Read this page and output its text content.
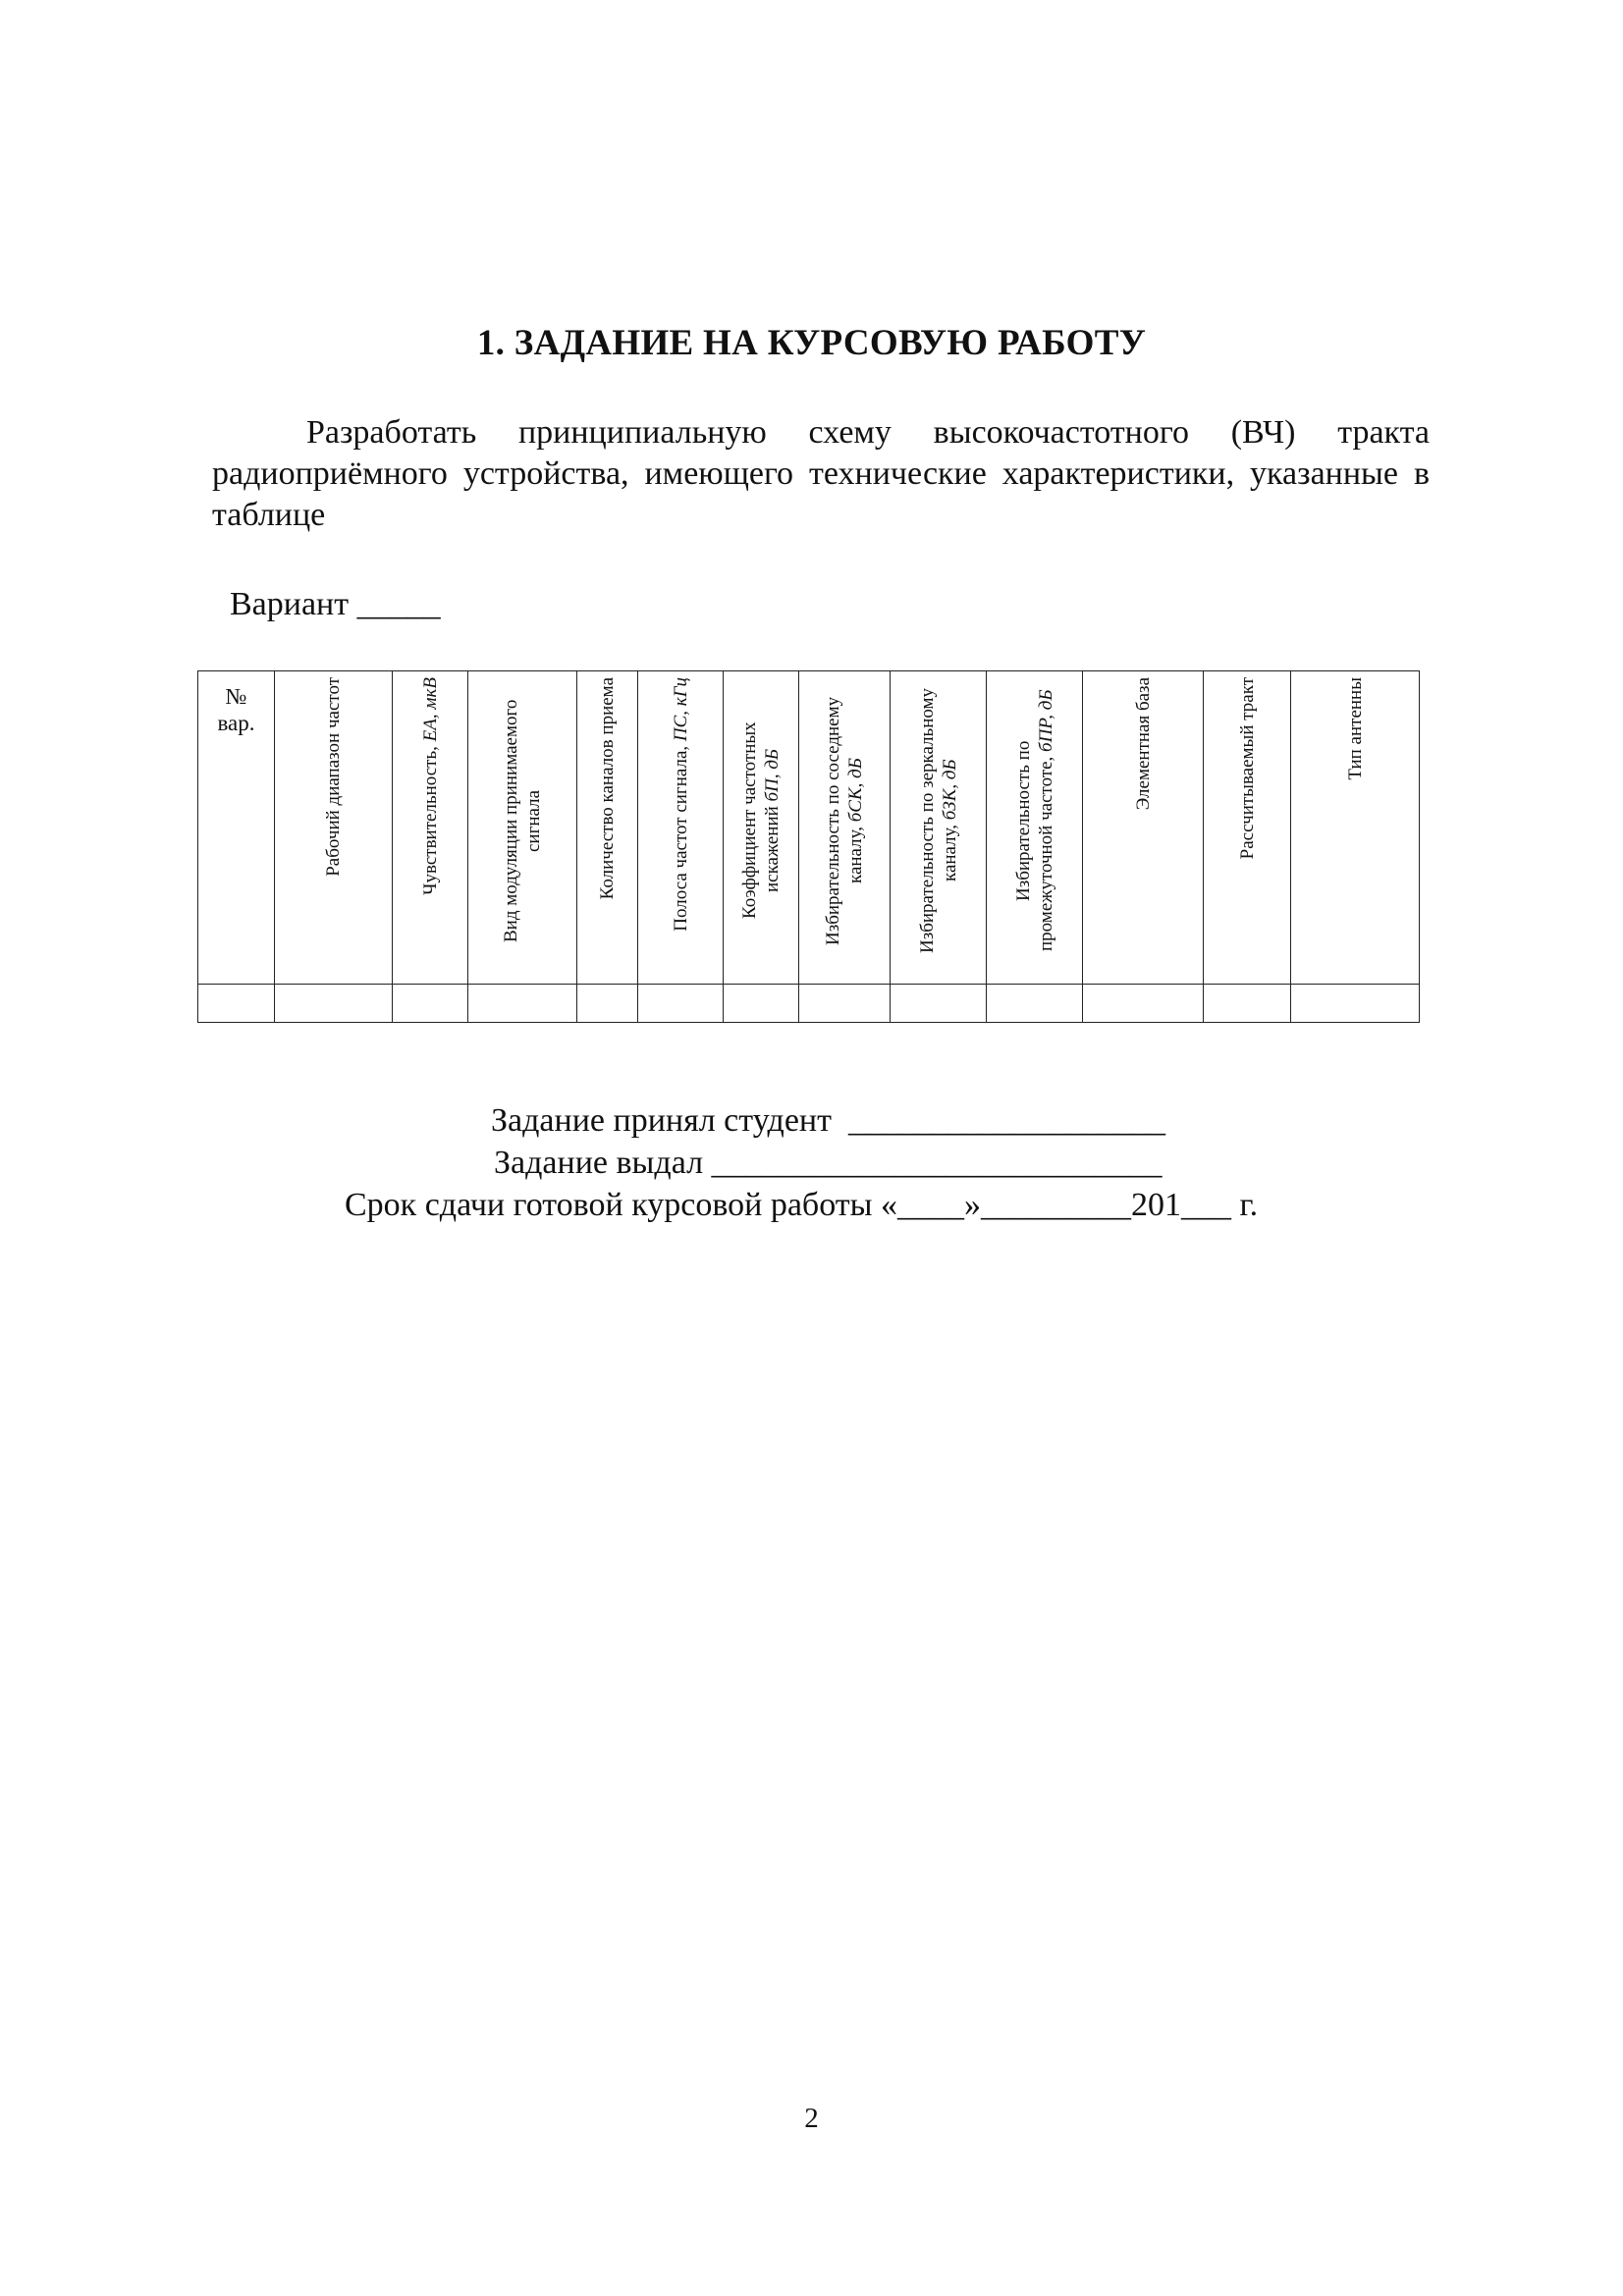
1. ЗАДАНИЕ НА КУРСОВУЮ РАБОТУ

Разработать принципиальную схему высокочастотного (ВЧ) тракта радиоприёмного устройства, имеющего технические характеристики, указанные в таблице

Вариант _____
№
вар.	Рабочий диапазон частот	Чувствительность, EА, мкВ	Вид модуляции принимаемого сигнала	Количество каналов приема	Полоса частот сигнала, ПС, кГц	Коэффициент частотных искажений бП, дБ	Избирательность по соседнему каналу, бСК, дБ	Избирательность по зеркальному каналу, бЗК, дБ	Избирательность по промежуточной частоте, бПР, дБ	Элементная база	Рассчитываемый тракт	Тип антенны

Задание принял студент  ___________________
Задание выдал ___________________________
Срок сдачи готовой курсовой работы «____»_________201___ г.
2
